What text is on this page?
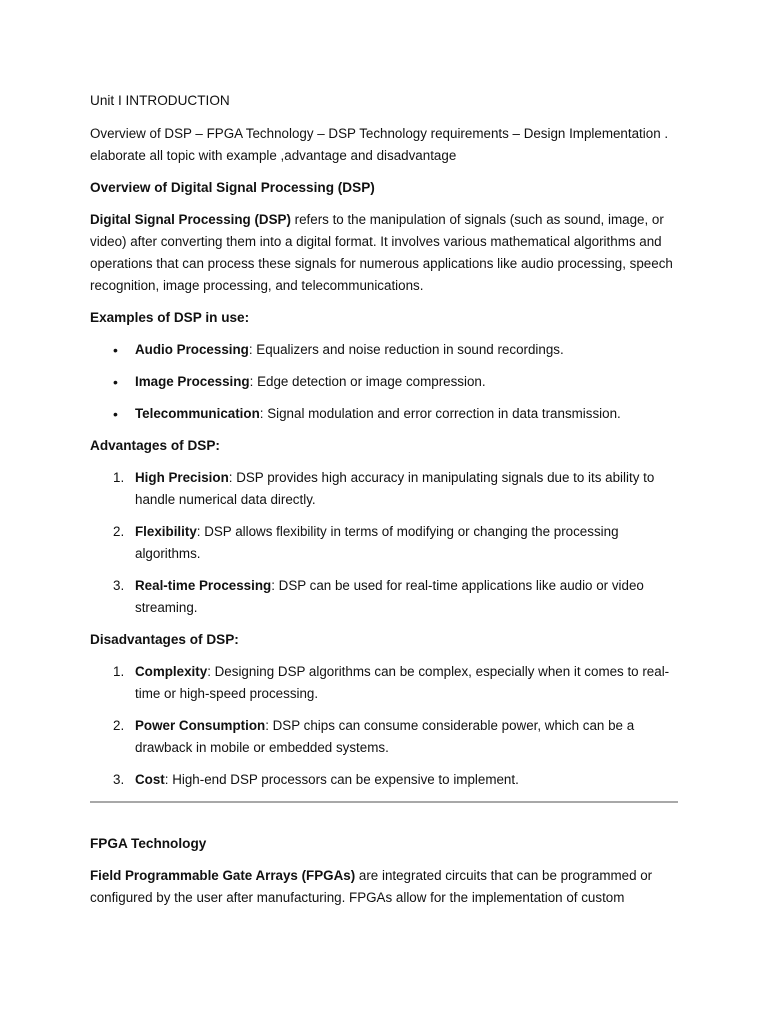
Unit I INTRODUCTION

Overview of DSP – FPGA Technology – DSP Technology requirements – Design Implementation . elaborate all topic with example ,advantage and disadvantage

Overview of Digital Signal Processing (DSP)

Digital Signal Processing (DSP) refers to the manipulation of signals (such as sound, image, or video) after converting them into a digital format. It involves various mathematical algorithms and operations that can process these signals for numerous applications like audio processing, speech recognition, image processing, and telecommunications.

Examples of DSP in use:

• Audio Processing: Equalizers and noise reduction in sound recordings.
• Image Processing: Edge detection or image compression.
• Telecommunication: Signal modulation and error correction in data transmission.

Advantages of DSP:

1. High Precision: DSP provides high accuracy in manipulating signals due to its ability to handle numerical data directly.
2. Flexibility: DSP allows flexibility in terms of modifying or changing the processing algorithms.
3. Real-time Processing: DSP can be used for real-time applications like audio or video streaming.

Disadvantages of DSP:

1. Complexity: Designing DSP algorithms can be complex, especially when it comes to real-time or high-speed processing.
2. Power Consumption: DSP chips can consume considerable power, which can be a drawback in mobile or embedded systems.
3. Cost: High-end DSP processors can be expensive to implement.

FPGA Technology

Field Programmable Gate Arrays (FPGAs) are integrated circuits that can be programmed or configured by the user after manufacturing. FPGAs allow for the implementation of custom
